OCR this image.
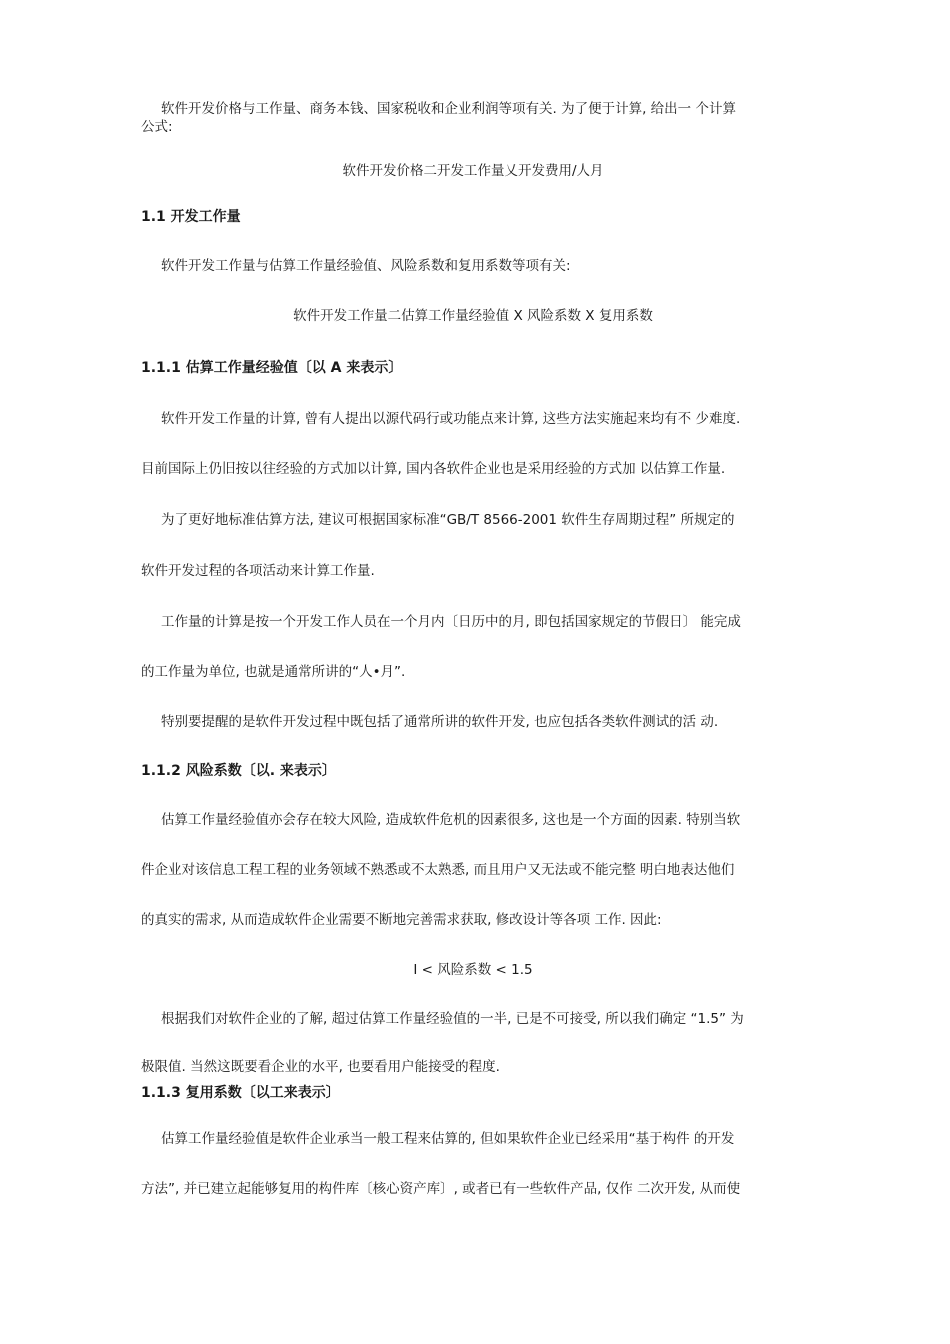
软件开发价格与工作量、商务本钱、国家税收和企业利润等项有关. 为了便于计算, 给出一 个计算
公式:
软件开发价格二开发工作量乂开发费用/人月
1.1 开发工作量
软件开发工作量与估算工作量经验值、风险系数和复用系数等项有关:
软件开发工作量二估算工作量经验值 X 风险系数 X 复用系数
1.1.1 估算工作量经验值〔以 A 来表示〕
软件开发工作量的计算, 曾有人提出以源代码行或功能点来计算, 这些方法实施起来均有不 少难度.
目前国际上仍旧按以往经验的方式加以计算, 国内各软件企业也是采用经验的方式加 以估算工作量.
为了更好地标准估算方法, 建议可根据国家标准“GB/T 8566-2001 软件生存周期过程” 所规定的
软件开发过程的各项活动来计算工作量.
工作量的计算是按一个开发工作人员在一个月内〔日历中的月, 即包括国家规定的节假日〕 能完成
的工作量为单位, 也就是通常所讲的“人•月”.
特别要提醒的是软件开发过程中既包括了通常所讲的软件开发, 也应包括各类软件测试的活 动.
1.1.2 风险系数〔以. 来表示〕
估算工作量经验值亦会存在较大风险, 造成软件危机的因素很多, 这也是一个方面的因素. 特别当软
件企业对该信息工程工程的业务领域不熟悉或不太熟悉, 而且用户又无法或不能完整 明白地表达他们
的真实的需求, 从而造成软件企业需要不断地完善需求获取, 修改设计等各项 工作. 因此:
I < 风险系数 < 1.5
根据我们对软件企业的了解, 超过估算工作量经验值的一半, 已是不可接受, 所以我们确定 “1.5” 为
极限值. 当然这既要看企业的水平, 也要看用户能接受的程度.
1.1.3 复用系数〔以工来表示〕
估算工作量经验值是软件企业承当一般工程来估算的, 但如果软件企业已经采用“基于构件 的开发
方法”, 并已建立起能够复用的构件库〔核心资产库〕, 或者已有一些软件产品, 仅作 二次开发, 从而使
